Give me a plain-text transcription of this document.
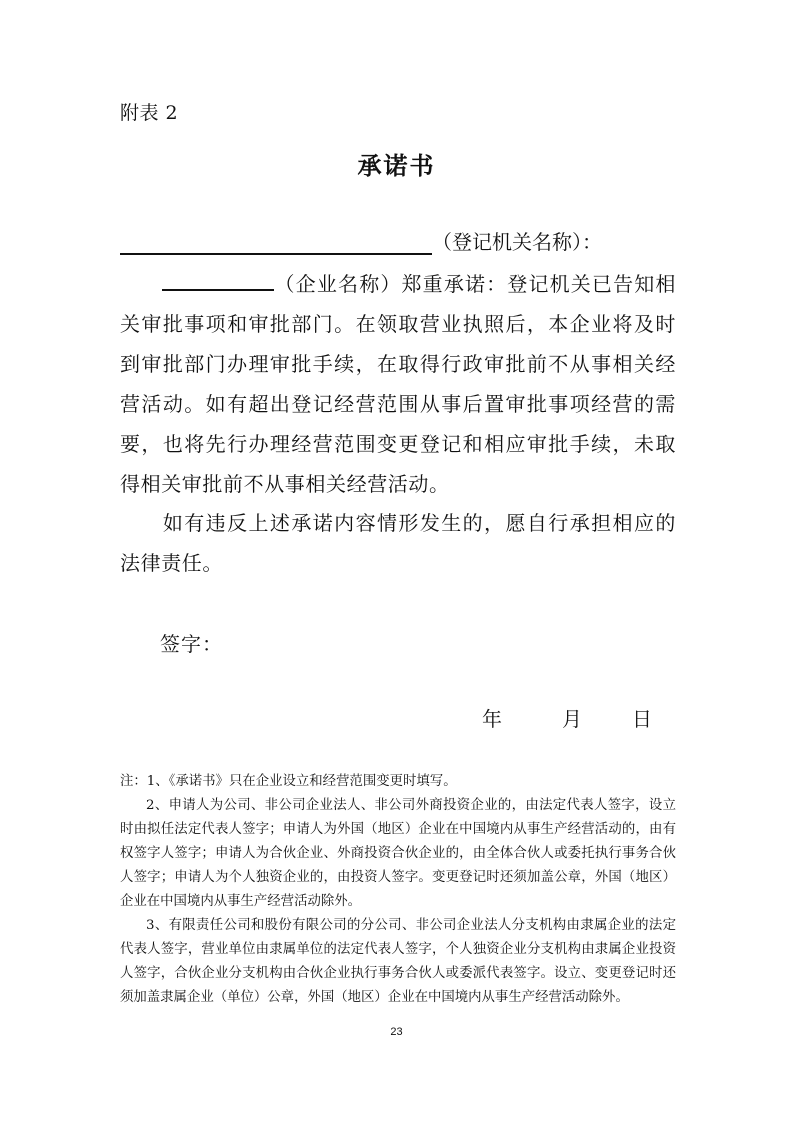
附表 2
承诺书
（登记机关名称）：
（企业名称）郑重承诺：登记机关已告知相关审批事项和审批部门。在领取营业执照后，本企业将及时到审批部门办理审批手续，在取得行政审批前不从事相关经营活动。如有超出登记经营范围从事后置审批事项经营的需要，也将先行办理经营范围变更登记和相应审批手续，未取得相关审批前不从事相关经营活动。
如有违反上述承诺内容情形发生的，愿自行承担相应的法律责任。
签字：
年	月	日

注：1、《承诺书》只在企业设立和经营范围变更时填写。

2、申请人为公司、非公司企业法人、非公司外商投资企业的，由法定代表人签字，设立时由拟任法定代表人签字；申请人为外国（地区）企业在中国境内从事生产经营活动的，由有权签字人签字；申请人为合伙企业、外商投资合伙企业的，由全体合伙人或委托执行事务合伙人签字；申请人为个人独资企业的，由投资人签字。变更登记时还须加盖公章，外国（地区）企业在中国境内从事生产经营活动除外。

3、有限责任公司和股份有限公司的分公司、非公司企业法人分支机构由隶属企业的法定代表人签字，营业单位由隶属单位的法定代表人签字，个人独资企业分支机构由隶属企业投资人签字，合伙企业分支机构由合伙企业执行事务合伙人或委派代表签字。设立、变更登记时还须加盖隶属企业（单位）公章，外国（地区）企业在中国境内从事生产经营活动除外。

23
